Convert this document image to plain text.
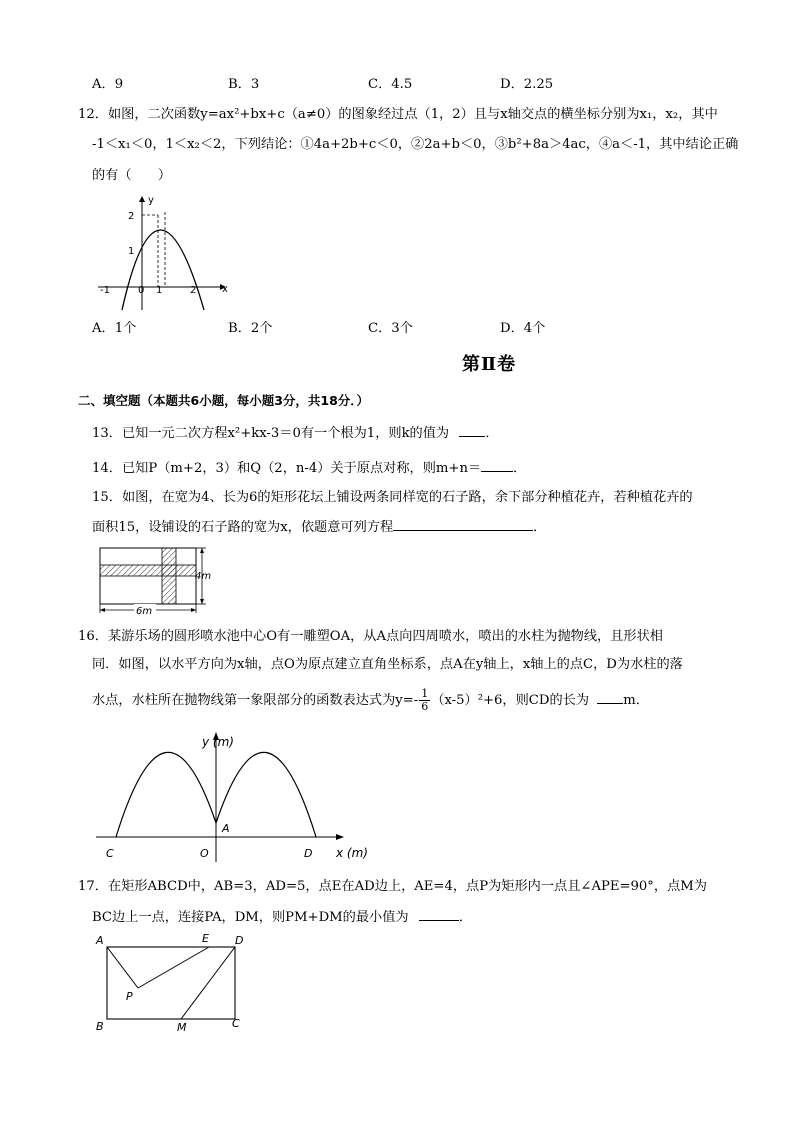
A．9	B．3	C．4.5	D．2.25
12．如图，二次函数y=ax²+bx+c（a≠0）的图象经过点（1，2）且与x轴交点的横坐标分别为x₁，x₂，其中
-1＜x₁＜0，1＜x₂＜2，下列结论：①4a+2b+c＜0，②2a+b＜0，③b²+8a＞4ac，④a＜-1，其中结论正确
的有（　　）
y
x
2
1
-1	0 1	2
A．1个	B．2个	C．3个	D．4个
第Ⅱ卷
二、填空题（本题共6小题，每小题3分，共18分．）
13．已知一元二次方程x²+kx-3＝0有一个根为1，则k的值为	．
14．已知P（m+2，3）和Q（2，n-4）关于原点对称，则m+n＝ ．
15．如图，在宽为4、长为6的矩形花坛上铺设两条同样宽的石子路，余下部分种植花卉，若种植花卉的
面积15，设铺设的石子路的宽为x，依题意可列方程	．
6m
4m
16．某游乐场的圆形喷水池中心O有一雕塑OA，从A点向四周喷水，喷出的水柱为抛物线，且形状相
同．如图，以水平方向为x轴，点O为原点建立直角坐标系，点A在y轴上，x轴上的点C，D为水柱的落
水点，水柱所在抛物线第一象限部分的函数表达式为$y=- \frac{1}{6} (x-5)^2+6$，则CD的长为	m．
y (m)
x (m)
A
C	O	D
17．在矩形ABCD中，AB=3，AD=5，点E在AD边上，AE=4，点P为矩形内一点且∠APE=90°，点M为
BC边上一点，连接PA，DM，则PM+DM的最小值为	．
A	E D
P
B	M	C
